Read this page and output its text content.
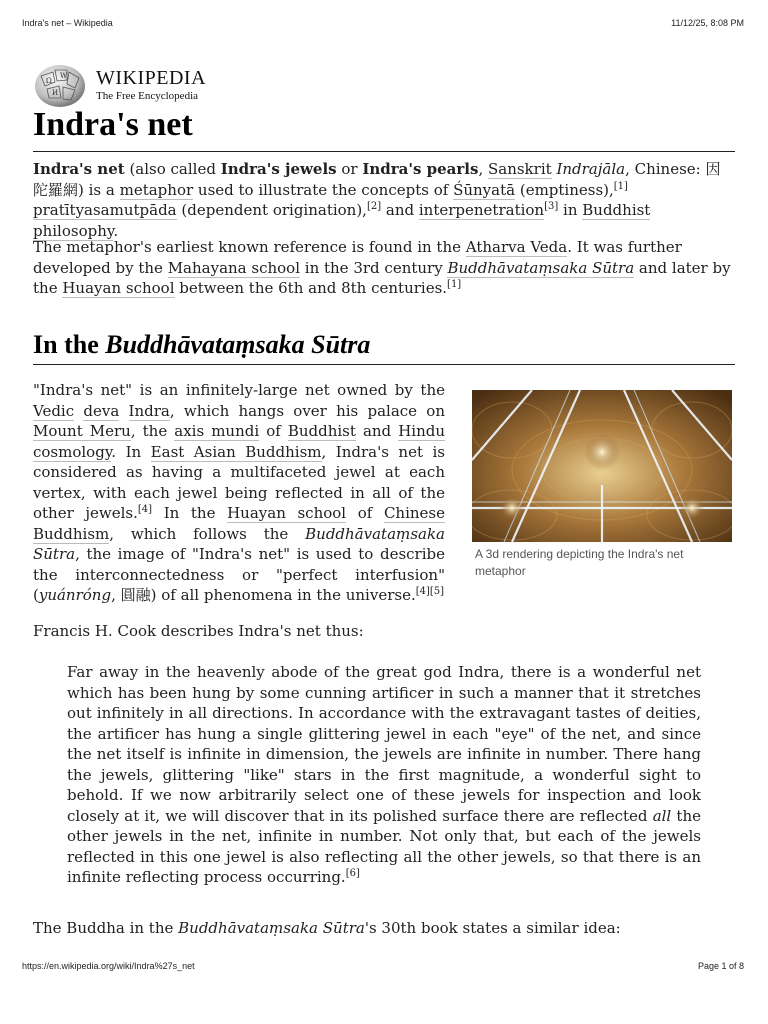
Indra's net – Wikipedia	11/12/25, 8:08 PM
Ω
W
И
WIKIPEDIA
The Free Encyclopedia
Indra's net

Indra's net (also called Indra's jewels or Indra's pearls, Sanskrit Indrajāla, Chinese: 因陀羅網) is a metaphor used to illustrate the concepts of Śūnyatā (emptiness),[1] pratītyasamutpāda (dependent origination),[2] and interpenetration[3] in Buddhist philosophy.

The metaphor's earliest known reference is found in the Atharva Veda. It was further developed by the Mahayana school in the 3rd century Buddhāvataṃsaka Sūtra and later by the Huayan school between the 6th and 8th centuries.[1]

In the Buddhāvataṃsaka Sūtra

"Indra's net" is an infinitely-large net owned by the Vedic deva Indra, which hangs over his palace on Mount Meru, the axis mundi of Buddhist and Hindu cosmology. In East Asian Buddhism, Indra's net is considered as having a multifaceted jewel at each vertex, with each jewel being reflected in all of the other jewels.[4] In the Huayan school of Chinese Buddhism, which follows the Buddhāvataṃsaka Sūtra, the image of "Indra's net" is used to describe the interconnectedness or "perfect interfusion" (yuánróng, 圓融) of all phenomena in the universe.[4][5]

A 3d rendering depicting the Indra's net metaphor

Francis H. Cook describes Indra's net thus:

Far away in the heavenly abode of the great god Indra, there is a wonderful net which has been hung by some cunning artificer in such a manner that it stretches out infinitely in all directions. In accordance with the extravagant tastes of deities, the artificer has hung a single glittering jewel in each "eye" of the net, and since the net itself is infinite in dimension, the jewels are infinite in number. There hang the jewels, glittering "like" stars in the first magnitude, a wonderful sight to behold. If we now arbitrarily select one of these jewels for inspection and look closely at it, we will discover that in its polished surface there are reflected all the other jewels in the net, infinite in number. Not only that, but each of the jewels reflected in this one jewel is also reflecting all the other jewels, so that there is an infinite reflecting process occurring.[6]

The Buddha in the Buddhāvataṃsaka Sūtra's 30th book states a similar idea:

https://en.wikipedia.org/wiki/Indra%27s_net	Page 1 of 8
